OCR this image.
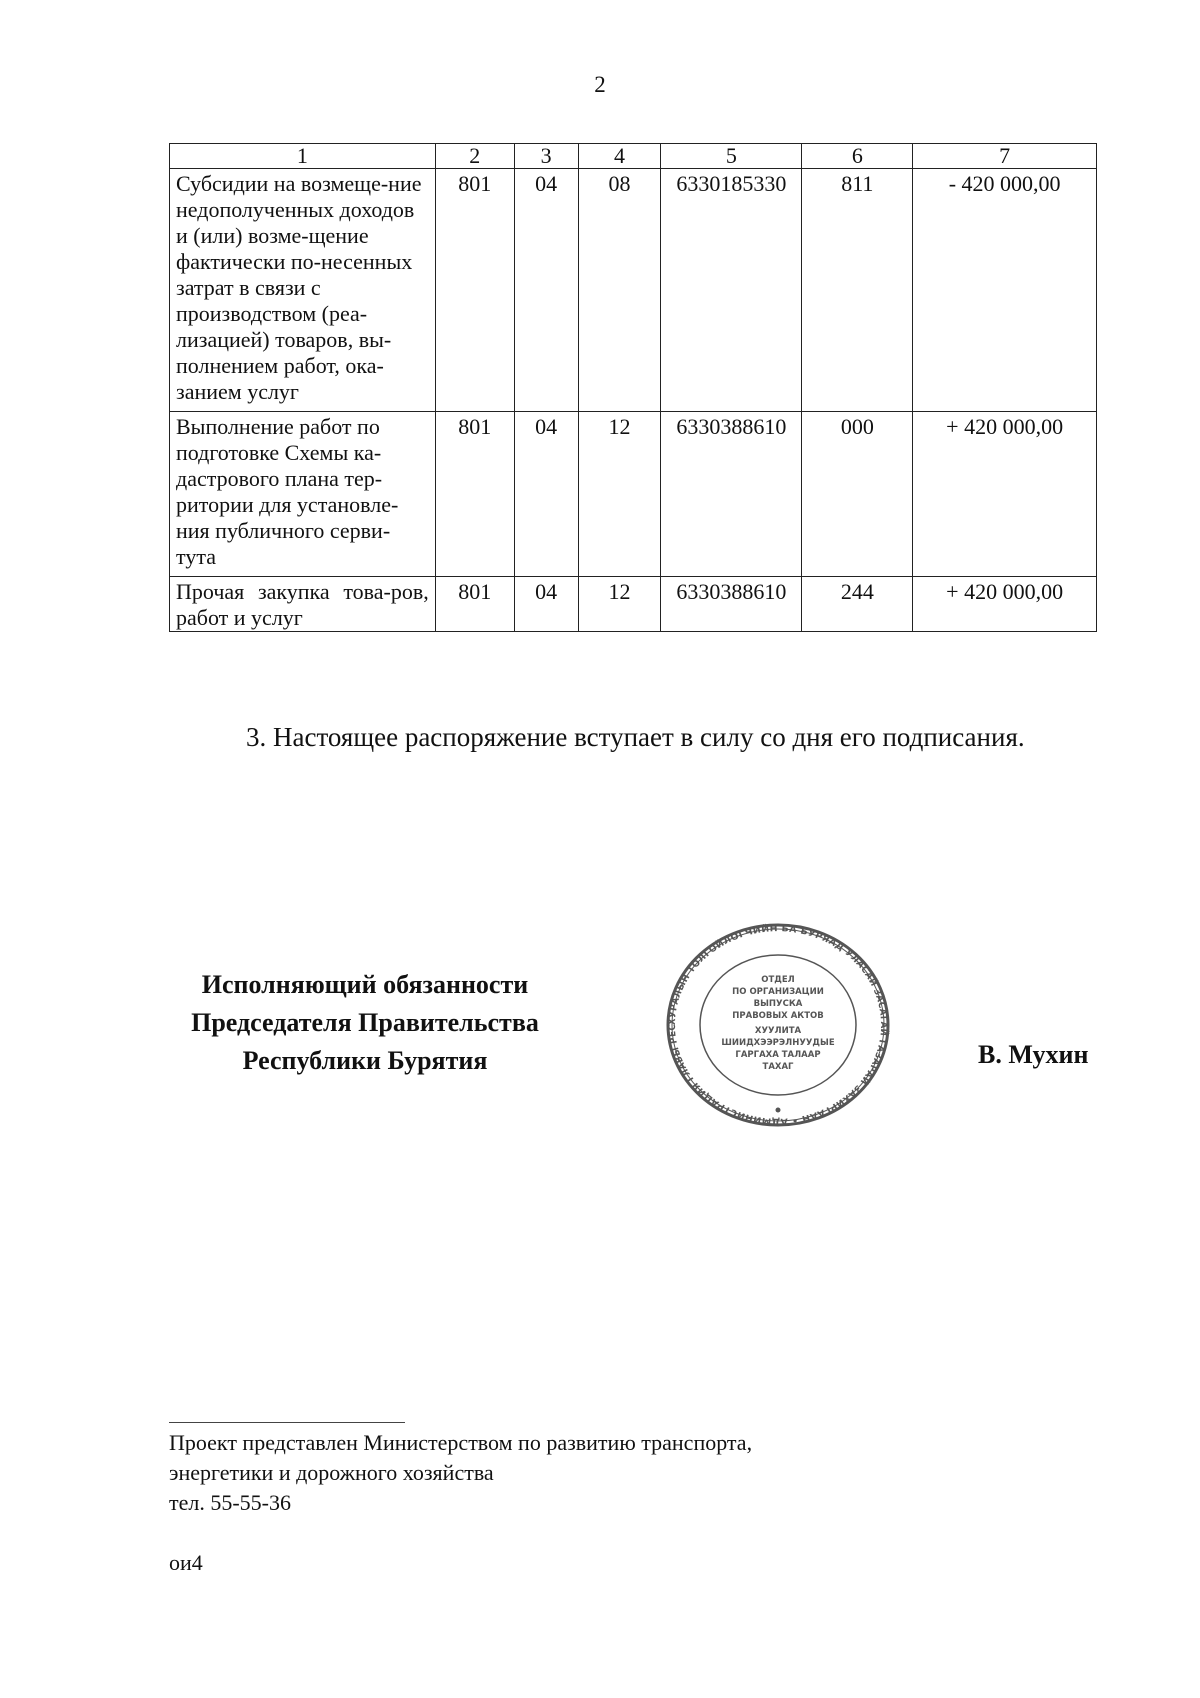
2
1	2	3	4	5	6	7
Субсидии на возмеще-ние недополученных доходов и (или) возме-щение фактически по-несенных затрат в связи с производством (реа-лизацией) товаров, вы-полнением работ, ока-занием услуг	801	04	08	6330185330	811	- 420 000,00
Выполнение работ по подготовке Схемы ка-дастрового плана тер-ритории для установле-ния публичного серви-тута	801	04	12	6330388610	000	+ 420 000,00
Прочая закупка това-ров, работ и услуг	801	04	12	6330388610	244	+ 420 000,00
3. Настоящее распоряжение вступает в силу со дня его подписания.
Исполняющий обязанности
Председателя Правительства
Республики Бурятия
ХУРАЛЫН ТОЛГОЙЛОГЧИЙН БА БУРЯАД УЛАСАЙ ЗАСАГАЙ ГАЗАРАЙ ЗАХИРГААН • АДМИНИСТРАЦИЯ ГЛАВЫ РЕС
ОТДЕЛ
ПО ОРГАНИЗАЦИИ
ВЫПУСКА
ПРАВОВЫХ АКТОВ
ХУУЛИТА
ШИИДХЭЭРЭЛНУУДЫЕ
ГАРГАХА ТАЛААР
ТАХАГ	В. Мухин
Проект представлен Министерством по развитию транспорта,
энергетики и дорожного хозяйства
тел. 55-55-36
ои4
